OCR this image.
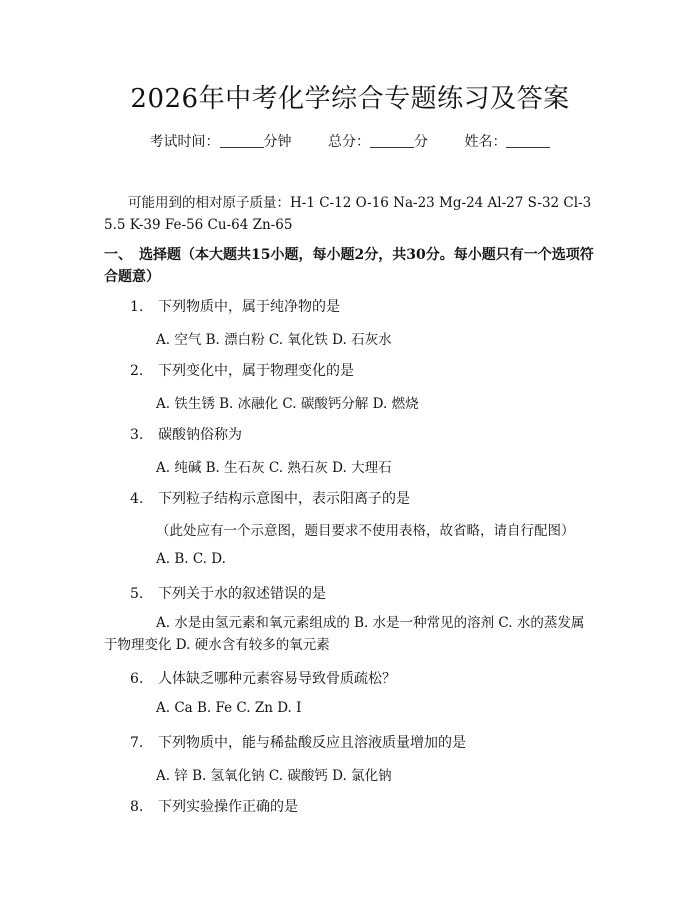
2026年中考化学综合专题练习及答案
考试时间：	分钟	总分：	分	姓名：
可能用到的相对原子质量：H-1 C-12 O-16 Na-23 Mg-24 Al-27 S-32 Cl-35.5 K-39 Fe-56 Cu-64 Zn-65
一、　选择题（本大题共15小题，每小题2分，共30分。每小题只有一个选项符合题意）
1. 下列物质中，属于纯净物的是
A. 空气 B. 漂白粉 C. 氧化铁 D. 石灰水
2. 下列变化中，属于物理变化的是
A. 铁生锈 B. 冰融化 C. 碳酸钙分解 D. 燃烧
3. 碳酸钠俗称为
A. 纯碱 B. 生石灰 C. 熟石灰 D. 大理石
4. 下列粒子结构示意图中，表示阳离子的是
（此处应有一个示意图，题目要求不使用表格，故省略，请自行配图）
A. B. C. D.
5. 下列关于水的叙述错误的是
A. 水是由氢元素和氧元素组成的 B. 水是一种常见的溶剂 C. 水的蒸发属于物理变化 D. 硬水含有较多的氧元素
6. 人体缺乏哪种元素容易导致骨质疏松？
A. Ca B. Fe C. Zn D. I
7. 下列物质中，能与稀盐酸反应且溶液质量增加的是
A. 锌 B. 氢氧化钠 C. 碳酸钙 D. 氯化钠
8. 下列实验操作正确的是
